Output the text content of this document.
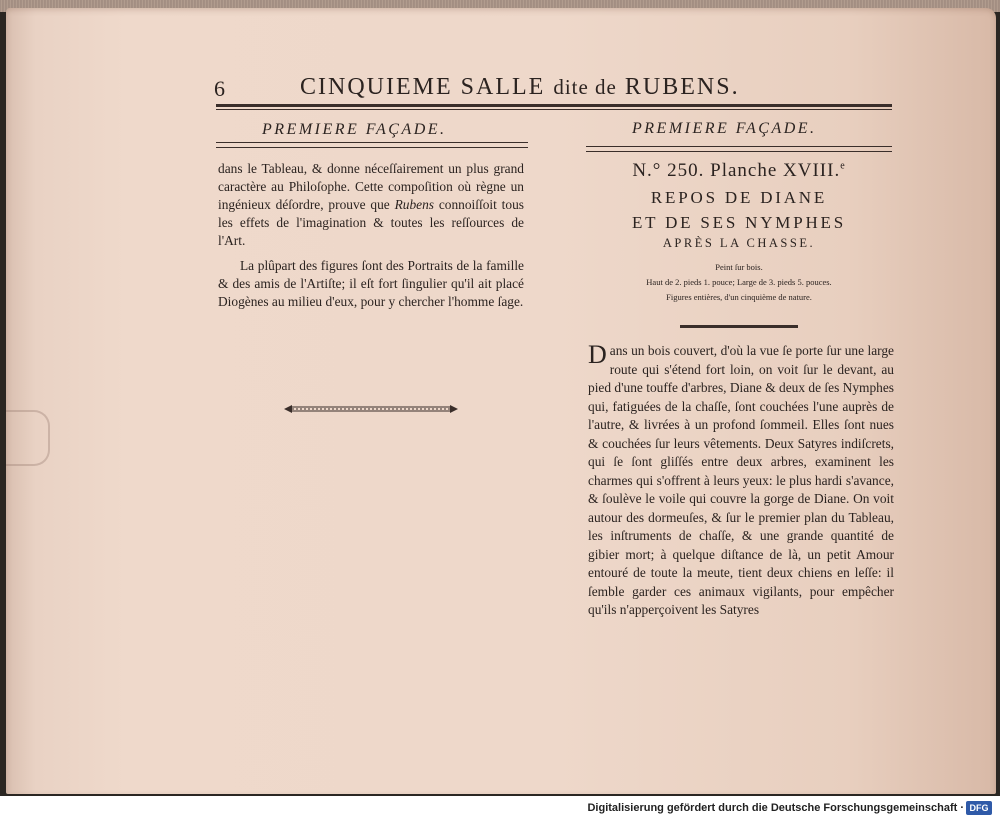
6	CINQUIEME SALLE dite de RUBENS.
PREMIERE FAÇADE.

dans le Tableau, & donne néceſſairement un plus grand caractère au Philoſophe. Cette compoſition où règne un ingénieux déſordre, prouve que Rubens connoiſſoit tous les effets de l'imagination & toutes les reſſources de l'Art.

La plûpart des figures ſont des Portraits de la famille & des amis de l'Artiſte; il eſt fort ſingulier qu'il ait placé Diogènes au milieu d'eux, pour y chercher l'homme ſage.

PREMIERE FAÇADE.
N.° 250. Planche XVIII.$^e$
REPOS DE DIANE
ET DE SES NYMPHES
APRÈS LA CHASSE.
Peint ſur bois.
Haut de 2. pieds 1. pouce; Large de 3. pieds 5. pouces.
Figures entières, d'un cinquième de nature.

Dans un bois couvert, d'où la vue ſe porte ſur une large route qui s'étend fort loin, on voit ſur le devant, au pied d'une touffe d'arbres, Diane & deux de ſes Nymphes qui, fatiguées de la chaſſe, ſont couchées l'une auprès de l'autre, & livrées à un profond ſommeil. Elles ſont nues & couchées ſur leurs vêtements. Deux Satyres indiſcrets, qui ſe ſont gliſſés entre deux arbres, examinent les charmes qui s'offrent à leurs yeux: le plus hardi s'avance, & ſoulève le voile qui couvre la gorge de Diane. On voit autour des dormeuſes, & ſur le premier plan du Tableau, les inſtruments de chaſſe, & une grande quantité de gibier mort; à quelque diſtance de là, un petit Amour entouré de toute la meute, tient deux chiens en leſſe: il ſemble garder ces animaux vigilants, pour empêcher qu'ils n'apperçoivent les Satyres

Digitalisierung gefördert durch die Deutsche Forschungsgemeinschaft · DFG
